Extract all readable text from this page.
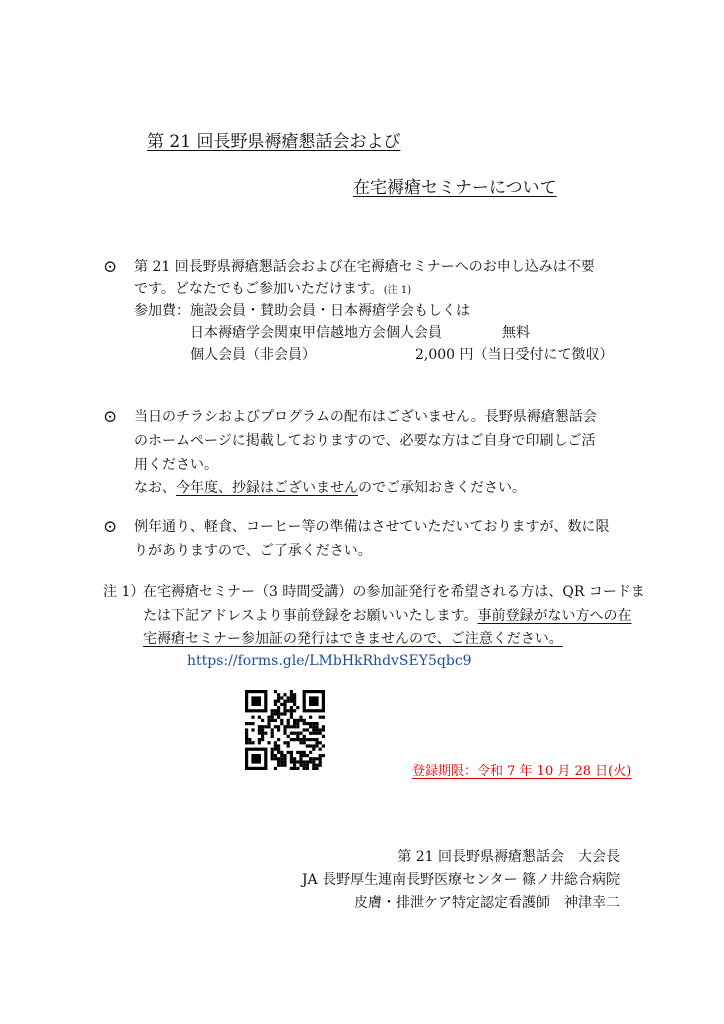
第 21 回長野県褥瘡懇話会および
在宅褥瘡セミナーについて
⊙ 第 21 回長野県褥瘡懇話会および在宅褥瘡セミナーへのお申し込みは不要
です。どなたでもご参加いただけます。(注 1)
参加費：施設会員・賛助会員・日本褥瘡学会もしくは
日本褥瘡学会関東甲信越地方会個人会員	無料
個人会員（非会員）	2,000 円（当日受付にて徴収）
⊙ 当日のチラシおよびプログラムの配布はございません。長野県褥瘡懇話会
のホームページに掲載しておりますので、必要な方はご自身で印刷しご活
用ください。
なお、今年度、抄録はございませんのでご承知おきください。
⊙ 例年通り、軽食、コーヒー等の準備はさせていただいておりますが、数に限
りがありますので、ご了承ください。
注 1）
在宅褥瘡セミナー（3 時間受講）の参加証発行を希望される方は、QR コードま
たは下記アドレスより事前登録をお願いいたします。事前登録がない方への在
宅褥瘡セミナー参加証の発行はできませんので、ご注意ください。
https://forms.gle/LMbHkRhdvSEY5qbc9
登録期限：令和 7 年 10 月 28 日(火)
第 21 回長野県褥瘡懇話会　大会長
JA 長野厚生連南長野医療センター 篠ノ井総合病院
皮膚・排泄ケア特定認定看護師　神津幸二
